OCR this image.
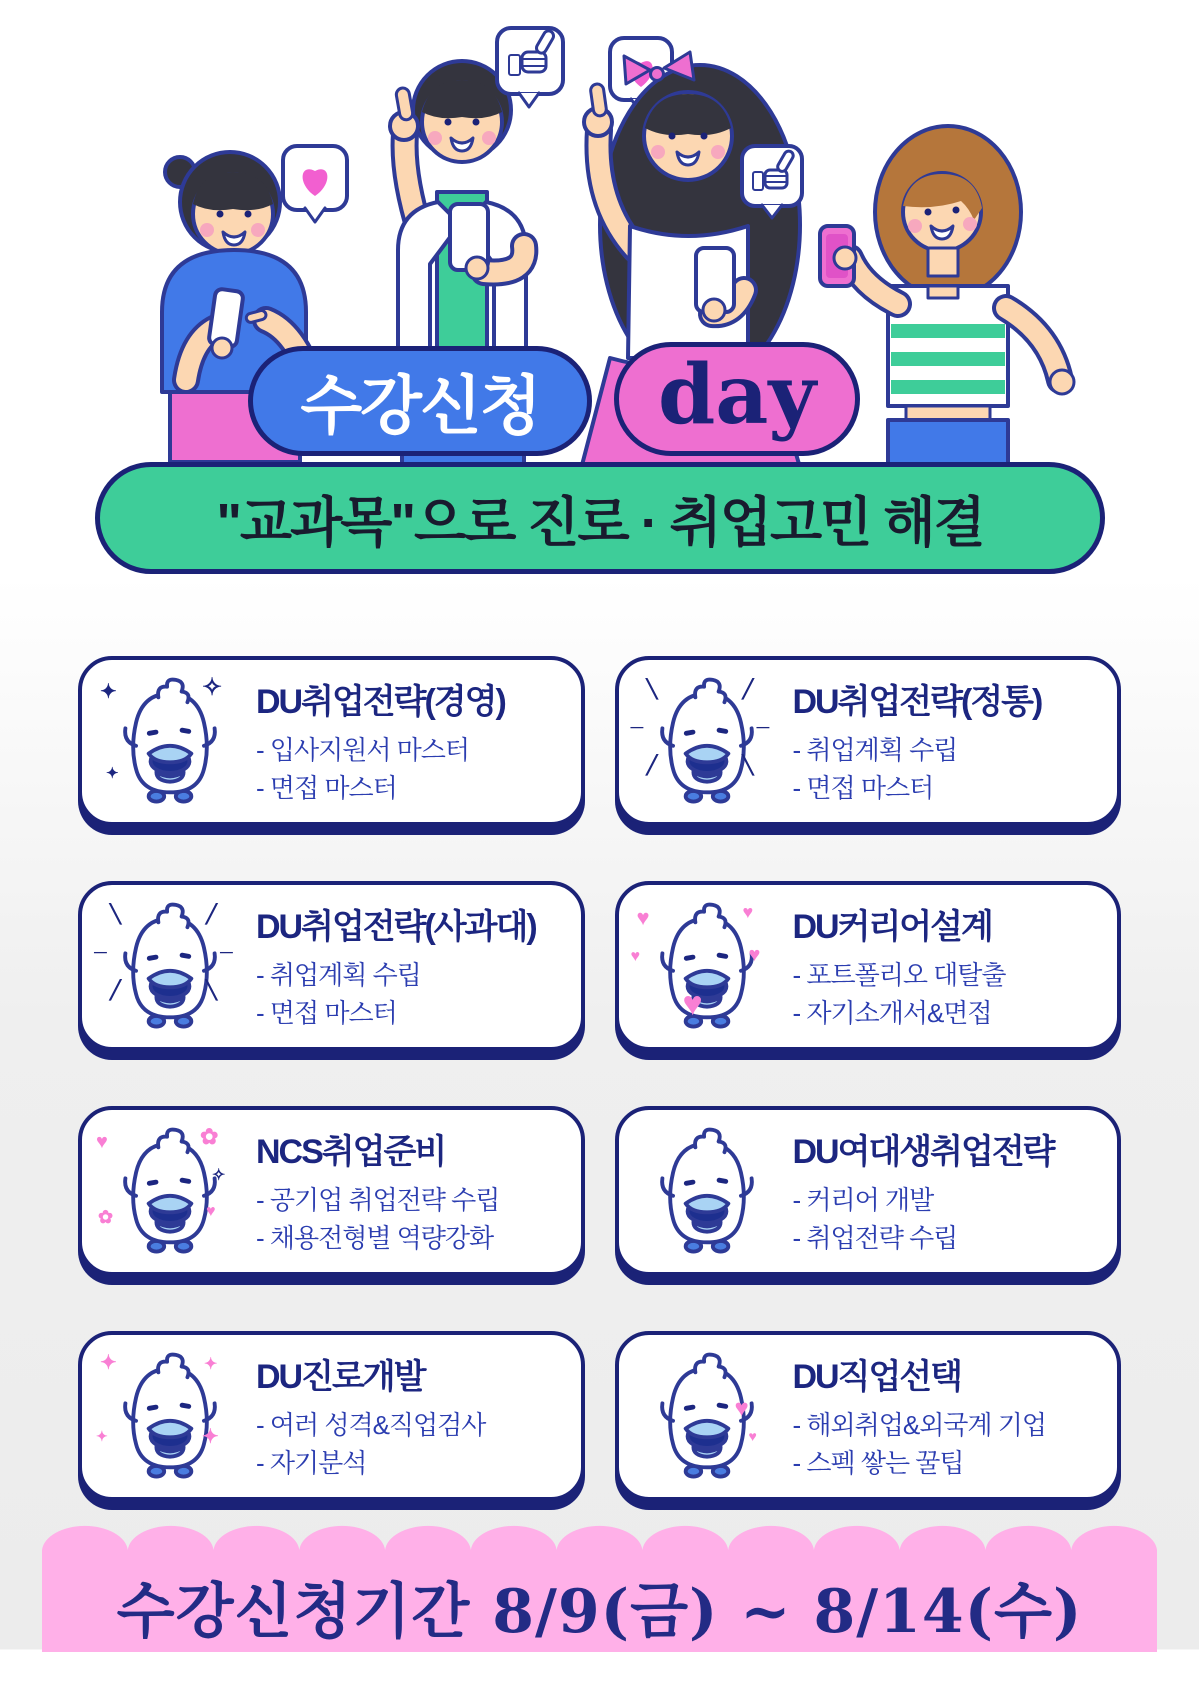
수강신청 day
"교과목"으로 진로 · 취업고민 해결
✦	✧
✦
DU취업전략(경영)
- 입사지원서 마스터
- 면접 마스터
╲
─
╱
╱
─
╲
DU취업전략(정통)
- 취업계획 수립
- 면접 마스터
╲
─
╱
╱
─
╲
DU취업전략(사과대)
- 취업계획 수립
- 면접 마스터
♥	♥
♥	♥
♥
DU커리어설계
- 포트폴리오 대탈출
- 자기소개서&면접
♥	✿
✧
♥
✿
NCS취업준비
- 공기업 취업전략 수립
- 채용전형별 역량강화
DU여대생취업전략
- 커리어 개발
- 취업전략 수립
✦	✦
✦	✦
DU진로개발
- 여러 성격&직업검사
- 자기분석
♥
♥
DU직업선택
- 해외취업&외국계 기업
- 스펙 쌓는 꿀팁
수강신청기간 8/9(금) ~ 8/14(수)
